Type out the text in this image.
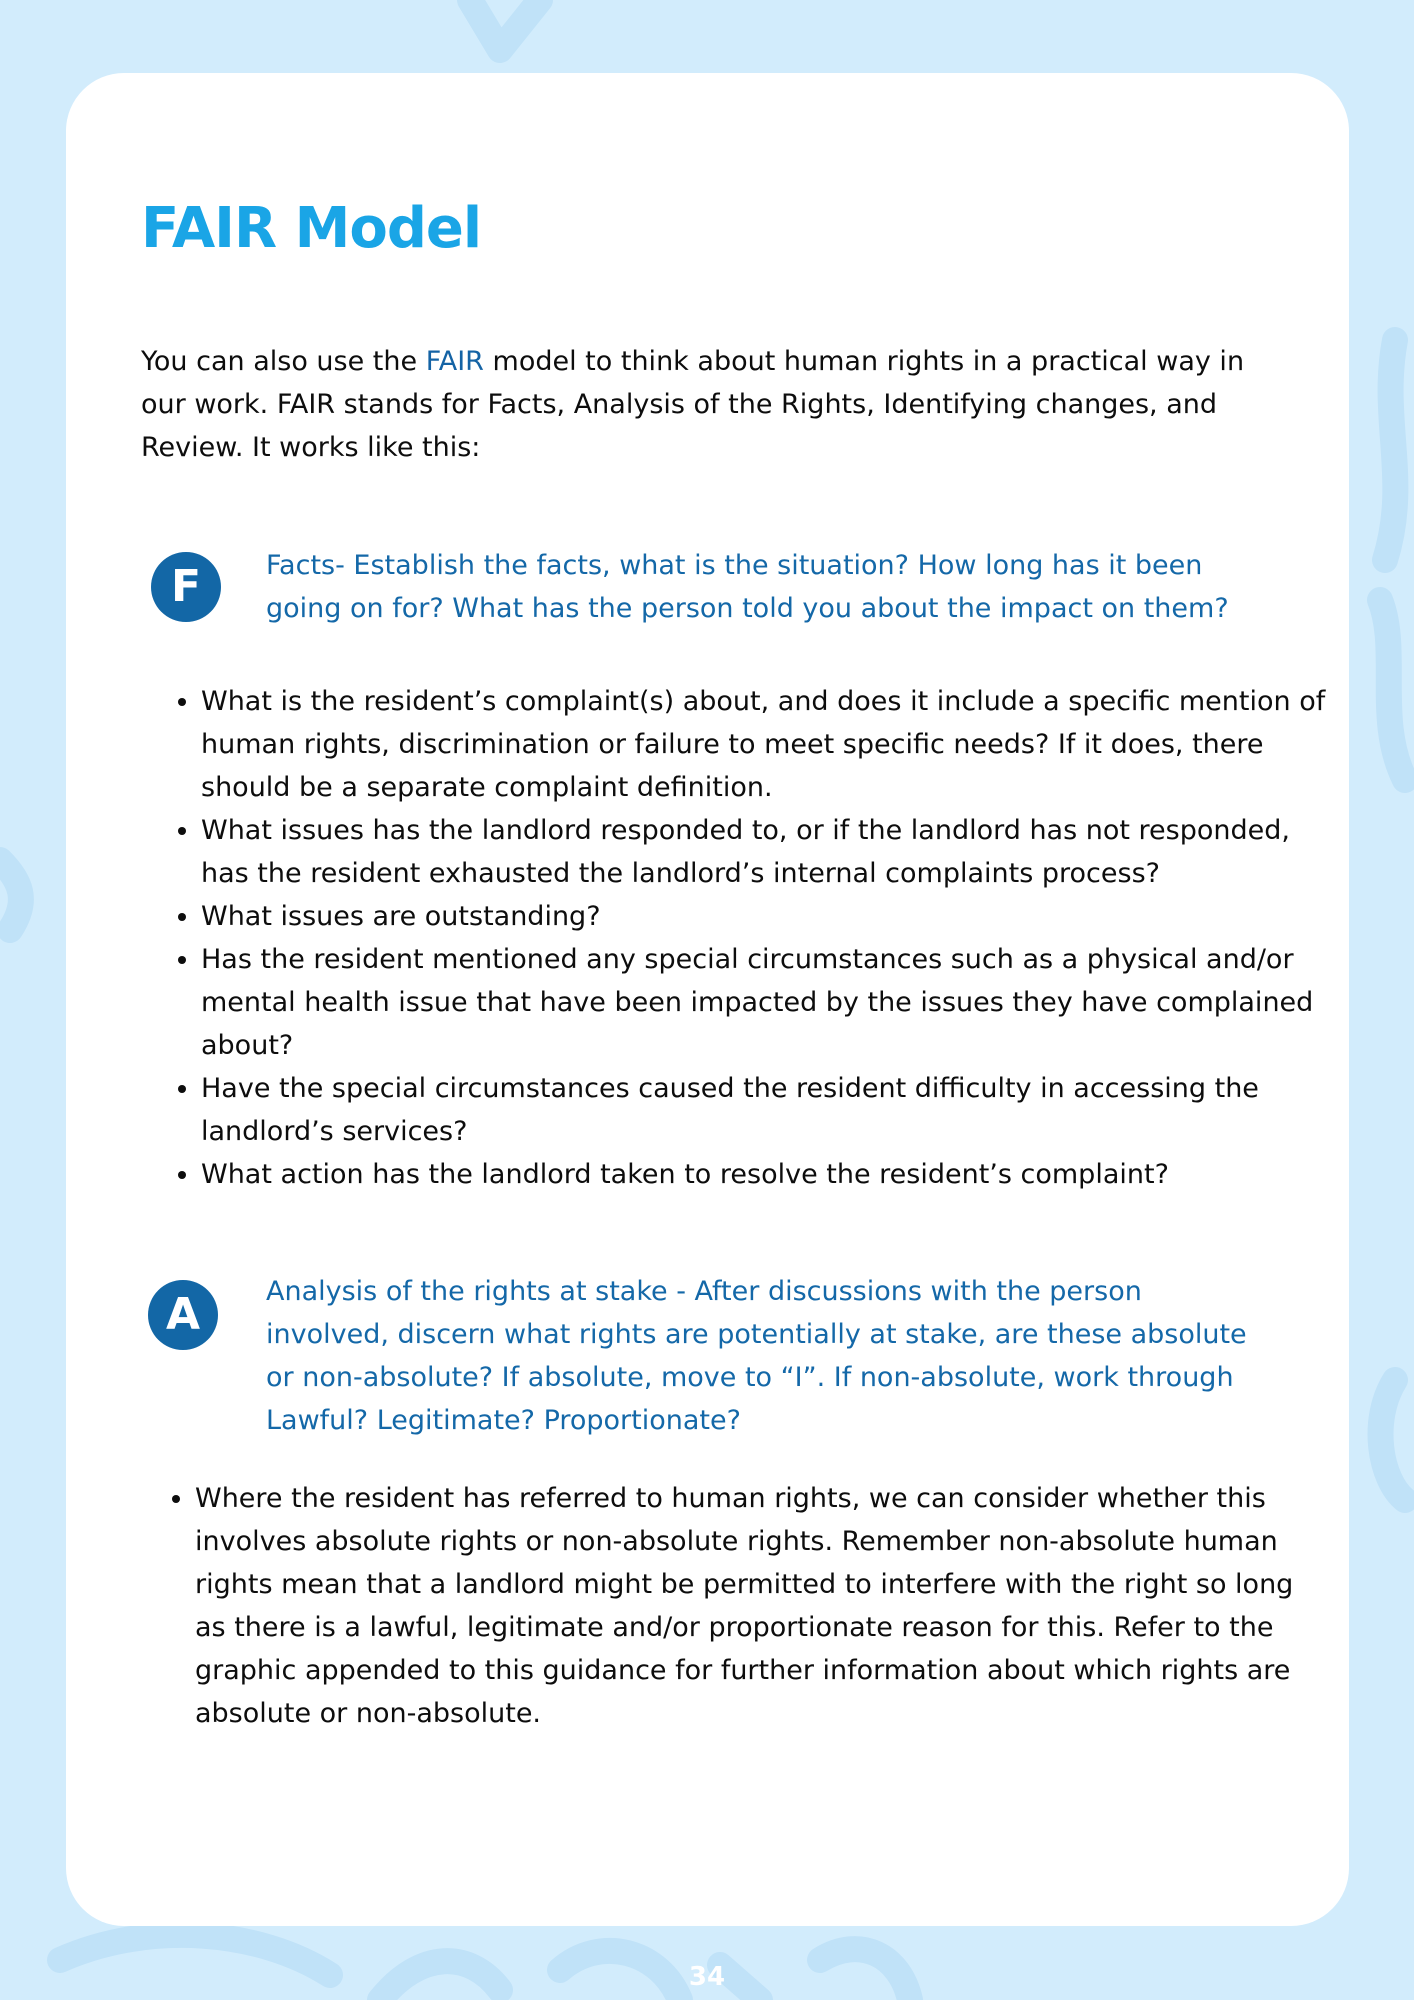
FAIR Model

You can also use the FAIR model to think about human rights in a practical way in our work. FAIR stands for Facts, Analysis of the Rights, Identifying changes, and Review. It works like this:

F	Facts- Establish the facts, what is the situation? How long has it been going on for? What has the person told you about the impact on them?

• What is the resident’s complaint(s) about, and does it include a specific mention of human rights, discrimination or failure to meet specific needs? If it does, there should be a separate complaint definition.
• What issues has the landlord responded to, or if the landlord has not responded, has the resident exhausted the landlord’s internal complaints process?
• What issues are outstanding?
• Has the resident mentioned any special circumstances such as a physical and/or mental health issue that have been impacted by the issues they have complained about?
• Have the special circumstances caused the resident difficulty in accessing the landlord’s services?
• What action has the landlord taken to resolve the resident’s complaint?
A	Analysis of the rights at stake - After discussions with the person involved, discern what rights are potentially at stake, are these absolute or non-absolute? If absolute, move to “I”. If non-absolute, work through Lawful? Legitimate? Proportionate?

• Where the resident has referred to human rights, we can consider whether this involves absolute rights or non-absolute rights. Remember non-absolute human rights mean that a landlord might be permitted to interfere with the right so long as there is a lawful, legitimate and/or proportionate reason for this. Refer to the graphic appended to this guidance for further information about which rights are absolute or non-absolute.
34
